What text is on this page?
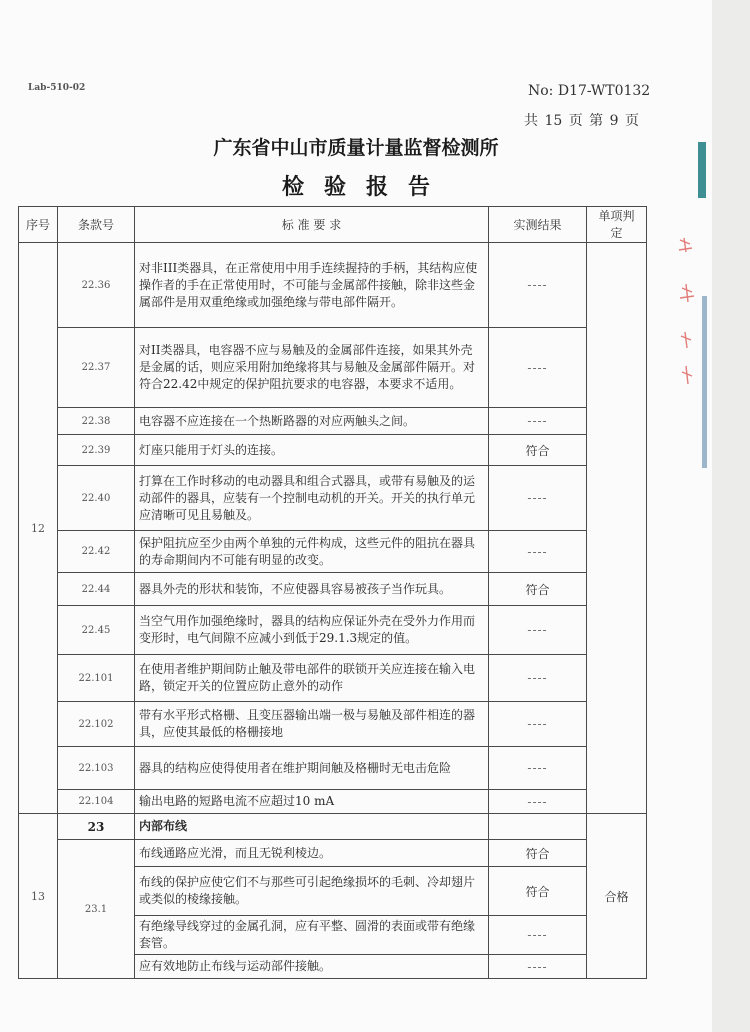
Lab-510-02	No: D17-WT0132
共 15 页 第 9 页
广东省中山市质量计量监督检测所
检验报告
序号	条款号	标 准 要 求	实测结果	单项判定
12	22.36	对非III类器具，在正常使用中用手连续握持的手柄，其结构应使操作者的手在正常使用时，不可能与金属部件接触，除非这些金属部件是用双重绝缘或加强绝缘与带电部件隔开。	----	
	22.37	对II类器具，电容器不应与易触及的金属部件连接，如果其外壳是金属的话，则应采用附加绝缘将其与易触及金属部件隔开。对符合22.42中规定的保护阻抗要求的电容器，本要求不适用。	----	
	22.38	电容器不应连接在一个热断路器的对应两触头之间。	----	
	22.39	灯座只能用于灯头的连接。	符合	
	22.40	打算在工作时移动的电动器具和组合式器具，或带有易触及的运动部件的器具，应装有一个控制电动机的开关。开关的执行单元应清晰可见且易触及。	----	
	22.42	保护阻抗应至少由两个单独的元件构成，这些元件的阻抗在器具的寿命期间内不可能有明显的改变。	----	
	22.44	器具外壳的形状和装饰，不应使器具容易被孩子当作玩具。	符合	
	22.45	当空气用作加强绝缘时，器具的结构应保证外壳在受外力作用而变形时，电气间隙不应减小到低于29.1.3规定的值。	----	
	22.101	在使用者维护期间防止触及带电部件的联锁开关应连接在输入电路，锁定开关的位置应防止意外的动作	----	
	22.102	带有水平形式格栅、且变压器输出端一极与易触及部件相连的器具，应使其最低的格栅接地	----	
	22.103	器具的结构应使得使用者在维护期间触及格栅时无电击危险	----	
	22.104	输出电路的短路电流不应超过10 mA	----	
13	23	内部布线		合格
	23.1	布线通路应光滑，而且无锐利棱边。	符合	
		布线的保护应使它们不与那些可引起绝缘损坏的毛刺、冷却翅片或类似的棱缘接触。	符合	
		有绝缘导线穿过的金属孔洞，应有平整、圆滑的表面或带有绝缘套管。	----	
		应有效地防止布线与运动部件接触。	----	
